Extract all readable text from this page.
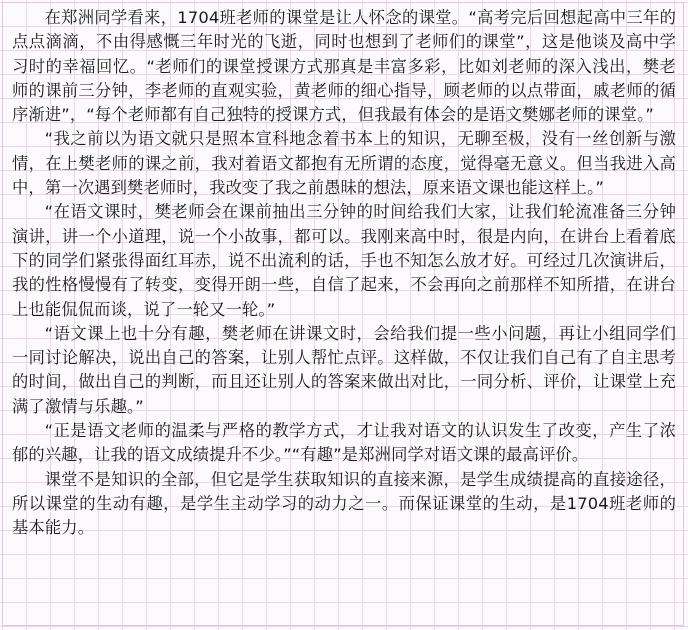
在郑洲同学看来，1704班老师的课堂是让人怀念的课堂。“高考完后回想起高中三年的点点滴滴，不由得感慨三年时光的飞逝，同时也想到了老师们的课堂”，这是他谈及高中学习时的幸福回忆。“老师们的课堂授课方式那真是丰富多彩，比如刘老师的深入浅出，樊老师的课前三分钟，李老师的直观实验，黄老师的细心指导，顾老师的以点带面，戚老师的循序渐进”，“每个老师都有自己独特的授课方式，但我最有体会的是语文樊娜老师的课堂。”

“我之前以为语文就只是照本宣科地念着书本上的知识，无聊至极，没有一丝创新与激情，在上樊老师的课之前，我对着语文都抱有无所谓的态度，觉得毫无意义。但当我进入高中，第一次遇到樊老师时，我改变了我之前愚昧的想法，原来语文课也能这样上。”

“在语文课时，樊老师会在课前抽出三分钟的时间给我们大家，让我们轮流准备三分钟演讲，讲一个小道理，说一个小故事，都可以。我刚来高中时，很是内向，在讲台上看着底下的同学们紧张得面红耳赤，说不出流利的话，手也不知怎么放才好。可经过几次演讲后，我的性格慢慢有了转变，变得开朗一些，自信了起来，不会再向之前那样不知所措，在讲台上也能侃侃而谈，说了一轮又一轮。”

“语文课上也十分有趣，樊老师在讲课文时，会给我们提一些小问题，再让小组同学们一同讨论解决，说出自己的答案，让别人帮忙点评。这样做，不仅让我们自己有了自主思考的时间，做出自己的判断，而且还让别人的答案来做出对比，一同分析、评价，让课堂上充满了激情与乐趣。”

“正是语文老师的温柔与严格的教学方式，才让我对语文的认识发生了改变，产生了浓郁的兴趣，让我的语文成绩提升不少。”“有趣”是郑洲同学对语文课的最高评价。

课堂不是知识的全部，但它是学生获取知识的直接来源，是学生成绩提高的直接途径，所以课堂的生动有趣，是学生主动学习的动力之一。而保证课堂的生动，是1704班老师的基本能力。
